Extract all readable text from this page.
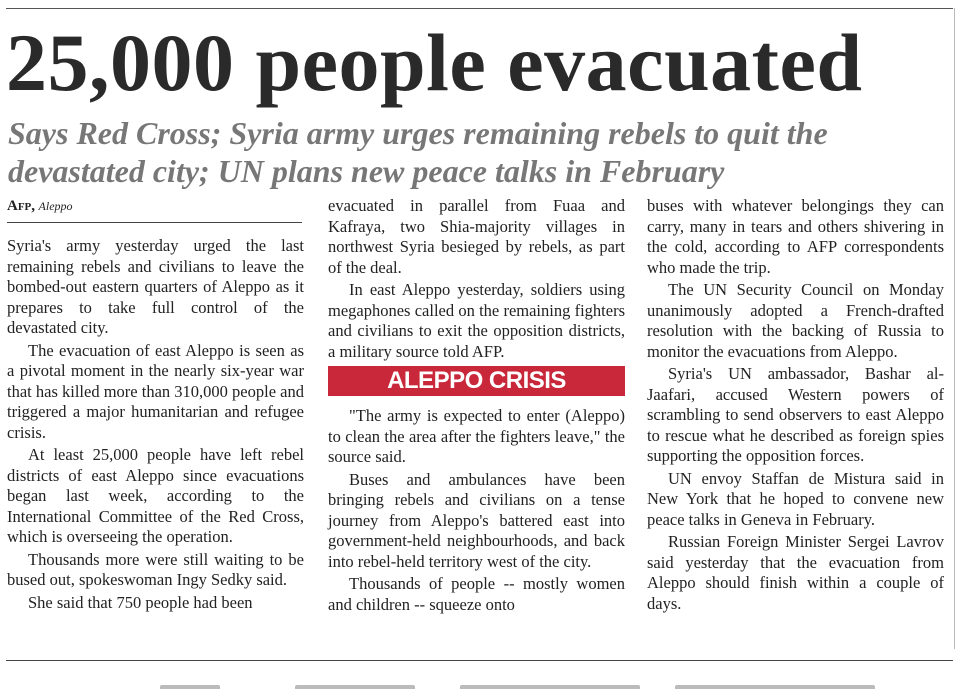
25,000 people evacuated
Says Red Cross; Syria army urges remaining rebels to quit the devastated city; UN plans new peace talks in February
Afp, Aleppo

Syria's army yesterday urged the last remaining rebels and civilians to leave the bombed-out eastern quarters of Aleppo as it prepares to take full control of the devastated city.

The evacuation of east Aleppo is seen as a pivotal moment in the nearly six-year war that has killed more than 310,000 people and triggered a major humanitarian and refugee crisis.

At least 25,000 people have left rebel districts of east Aleppo since evacuations began last week, according to the International Committee of the Red Cross, which is overseeing the operation.

Thousands more were still waiting to be bused out, spokeswoman Ingy Sedky said.

She said that 750 people had been

evacuated in parallel from Fuaa and Kafraya, two Shia-majority villages in northwest Syria besieged by rebels, as part of the deal.

In east Aleppo yesterday, soldiers using megaphones called on the remaining fighters and civilians to exit the opposition districts, a military source told AFP.

ALEPPO CRISIS

"The army is expected to enter (Aleppo) to clean the area after the fighters leave," the source said.

Buses and ambulances have been bringing rebels and civilians on a tense journey from Aleppo's battered east into government-held neighbourhoods, and back into rebel-held territory west of the city.

Thousands of people -- mostly women and children -- squeeze onto

buses with whatever belongings they can carry, many in tears and others shivering in the cold, according to AFP correspondents who made the trip.

The UN Security Council on Monday unanimously adopted a French-drafted resolution with the backing of Russia to monitor the evacuations from Aleppo.

Syria's UN ambassador, Bashar al-Jaafari, accused Western powers of scrambling to send observers to east Aleppo to rescue what he described as foreign spies supporting the opposition forces.

UN envoy Staffan de Mistura said in New York that he hoped to convene new peace talks in Geneva in February.

Russian Foreign Minister Sergei Lavrov said yesterday that the evacuation from Aleppo should finish within a couple of days.
